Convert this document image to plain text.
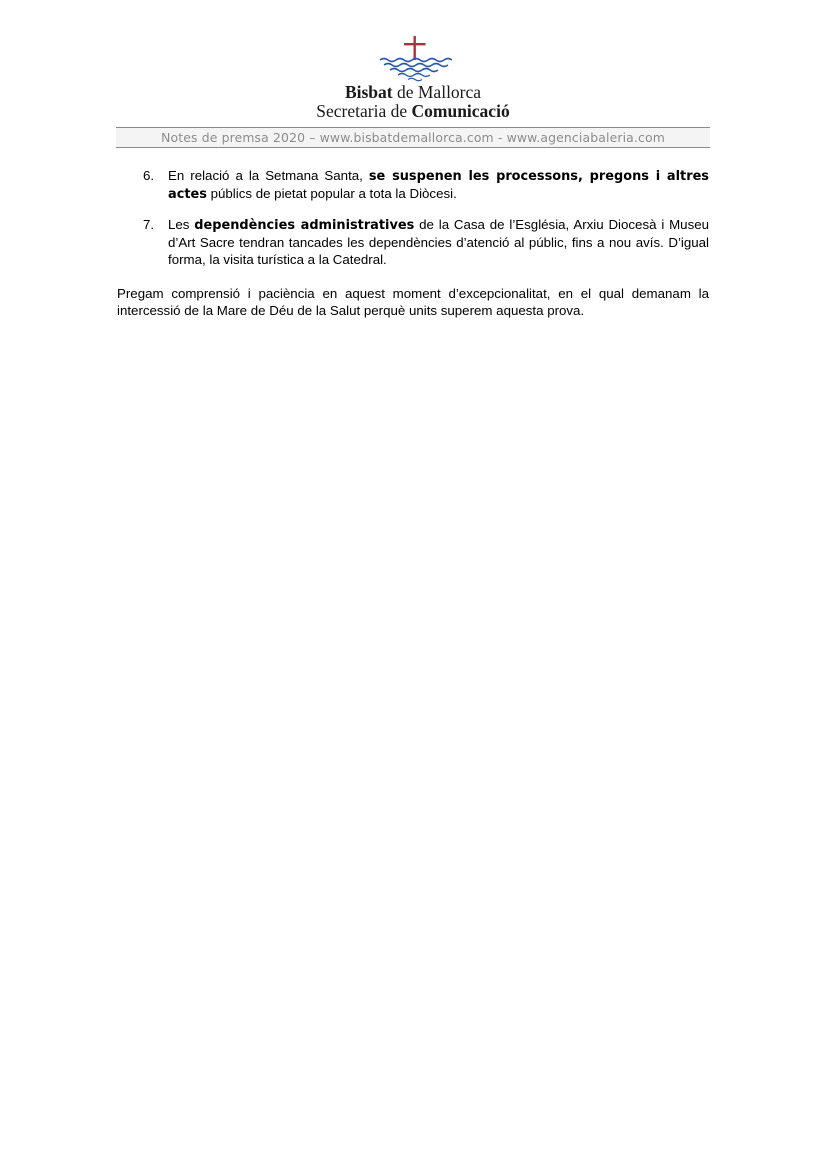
Bisbat de Mallorca
Secretaria de Comunicació
Notes de premsa 2020 – www.bisbatdemallorca.com - www.agenciabaleria.com
6. En relació a la Setmana Santa, se suspenen les processons, pregons i altres actes públics de pietat popular a tota la Diòcesi.
7. Les dependències administratives de la Casa de l’Església, Arxiu Diocesà i Museu d’Art Sacre tendran tancades les dependències d’atenció al públic, fins a nou avís. D’igual forma, la visita turística a la Catedral.
Pregam comprensió i paciència en aquest moment d’excepcionalitat, en el qual demanam la intercessió de la Mare de Déu de la Salut perquè units superem aquesta prova.
